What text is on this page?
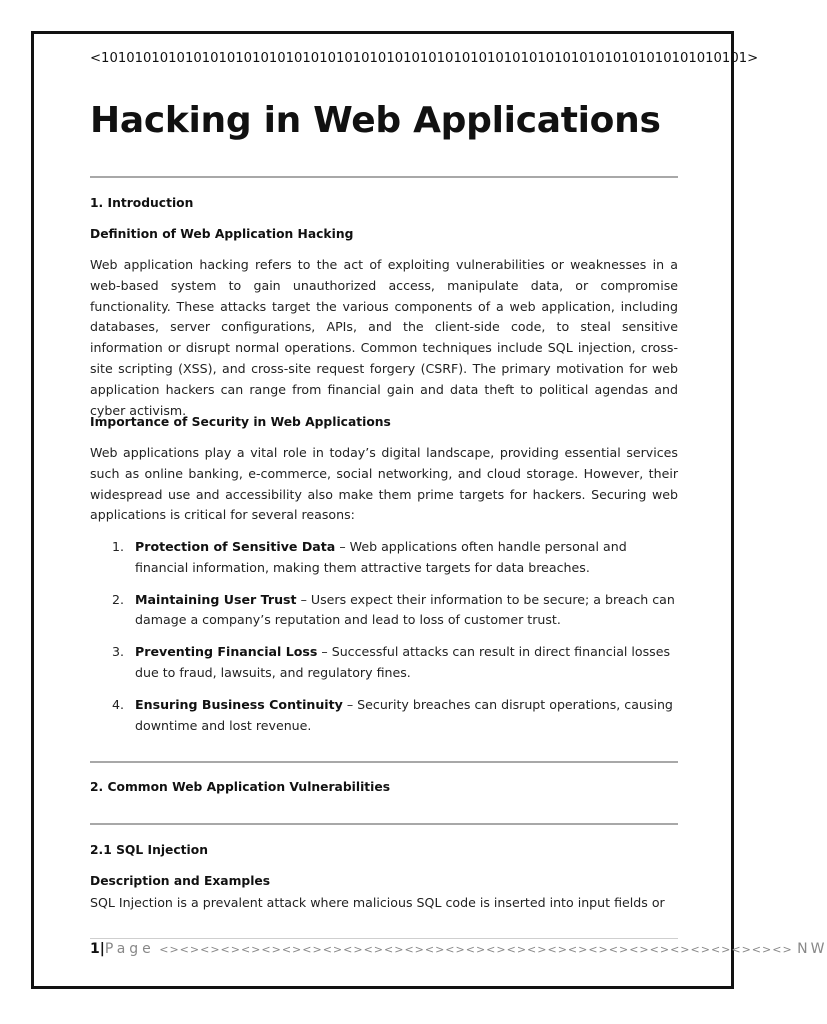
<10101010101010101010101010101010101010101010101010101010101010101010101010101>

Hacking in Web Applications

1. Introduction

Definition of Web Application Hacking

Web application hacking refers to the act of exploiting vulnerabilities or weaknesses in a web-based system to gain unauthorized access, manipulate data, or compromise functionality. These attacks target the various components of a web application, including databases, server configurations, APIs, and the client-side code, to steal sensitive information or disrupt normal operations. Common techniques include SQL injection, cross-site scripting (XSS), and cross-site request forgery (CSRF). The primary motivation for web application hackers can range from financial gain and data theft to political agendas and cyber activism.

Importance of Security in Web Applications

Web applications play a vital role in today’s digital landscape, providing essential services such as online banking, e-commerce, social networking, and cloud storage. However, their widespread use and accessibility also make them prime targets for hackers. Securing web applications is critical for several reasons:

1. Protection of Sensitive Data – Web applications often handle personal and financial information, making them attractive targets for data breaches.
2. Maintaining User Trust – Users expect their information to be secure; a breach can damage a company’s reputation and lead to loss of customer trust.
3. Preventing Financial Loss – Successful attacks can result in direct financial losses due to fraud, lawsuits, and regulatory fines.
4. Ensuring Business Continuity – Security breaches can disrupt operations, causing downtime and lost revenue.

2. Common Web Application Vulnerabilities

2.1 SQL Injection

Description and Examples

SQL Injection is a prevalent attack where malicious SQL code is inserted into input fields or

1|Page <><><><><><><><><><><><><><><><><><><><><><><><><><><><><><><> NW
